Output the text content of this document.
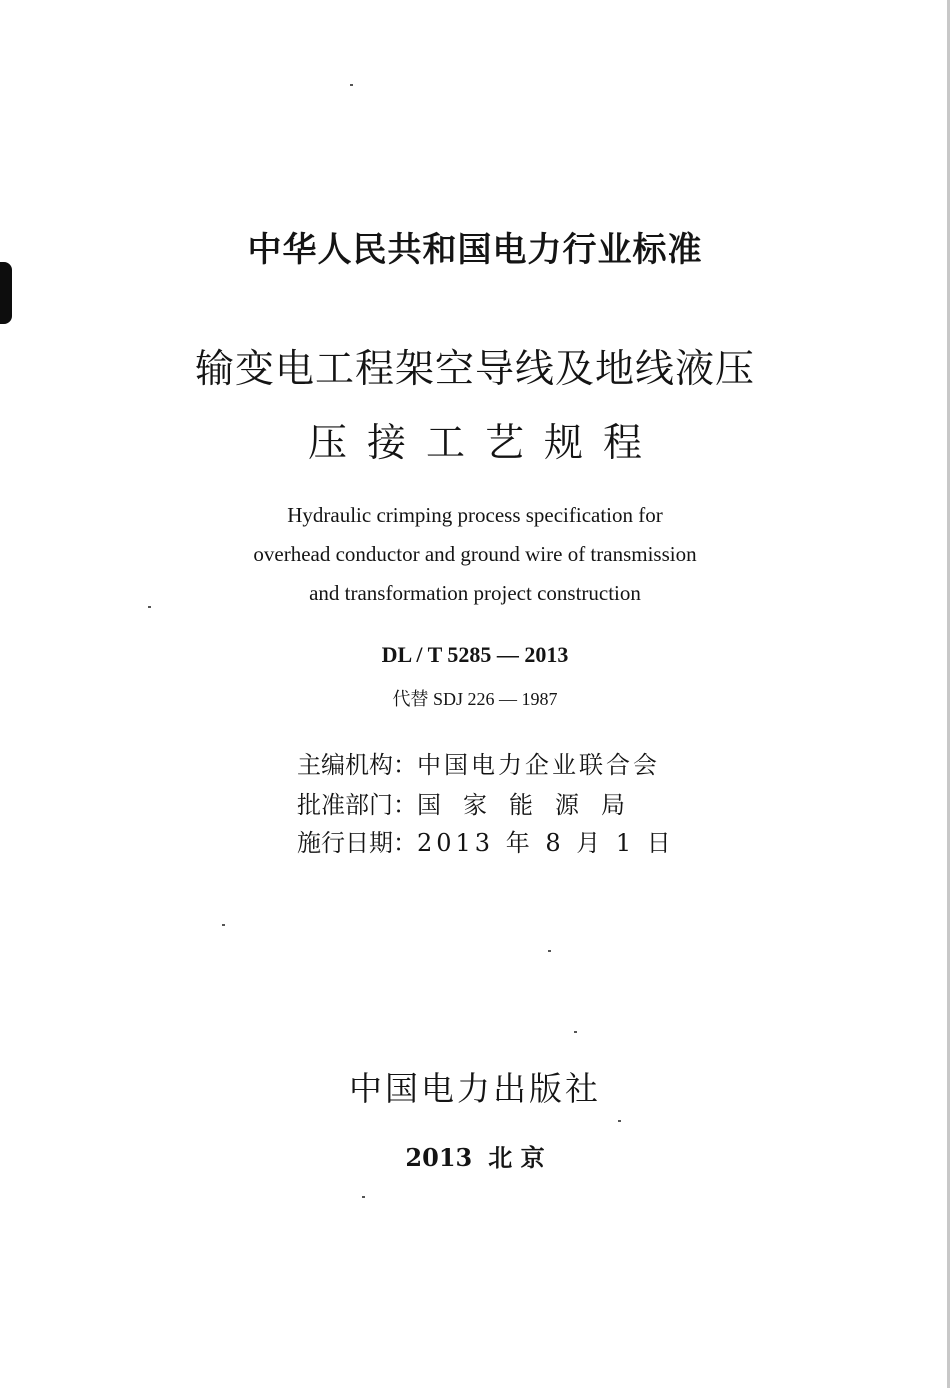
中华人民共和国电力行业标准
输变电工程架空导线及地线液压
压接工艺规程
Hydraulic crimping process specification for
overhead conductor and ground wire of transmission
and transformation project construction
DL / T 5285 — 2013
代替 SDJ 226 — 1987
主编机构：中国电力企业联合会
批准部门：国家能源局
施行日期：2013 年 8 月 1 日
中国电力出版社
2013 北 京
